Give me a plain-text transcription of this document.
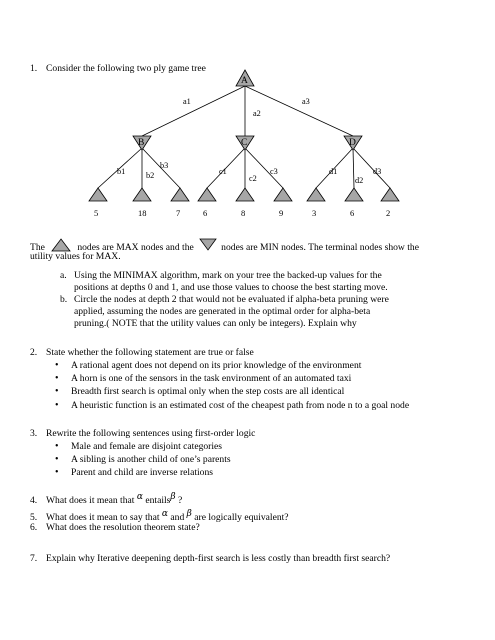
1. Consider the following two ply game tree
A
B	C	D
5	18	7	6	8	9	3	6	2
a1
a2
a3
b1 b2
b3
c1
c2
c3	d1
d2
d3
The	nodes are MAX nodes and the	nodes are MIN nodes. The terminal nodes show the
utility values for MAX.
a. Using the MINIMAX algorithm, mark on your tree the backed-up values for the
positions at depths 0 and 1, and use those values to choose the best starting move.
b. Circle the nodes at depth 2 that would not be evaluated if alpha-beta pruning were
applied, assuming the nodes are generated in the optimal order for alpha-beta
pruning.( NOTE that the utility values can only be integers). Explain why
2. State whether the following statement are true or false
• A rational agent does not depend on its prior knowledge of the environment
• A horn is one of the sensors in the task environment of an automated taxi
• Breadth first search is optimal only when the step costs are all identical
• A heuristic function is an estimated cost of the cheapest path from node n to a goal node
3. Rewrite the following sentences using first-order logic
• Male and female are disjoint categories
• A sibling is another child of one’s parents
• Parent and child are inverse relations
4. What does it mean that α entailsβ ?
5. What does it mean to say that α and β are logically equivalent?
6. What does the resolution theorem state?
7. Explain why Iterative deepening depth-first search is less costly than breadth first search?
